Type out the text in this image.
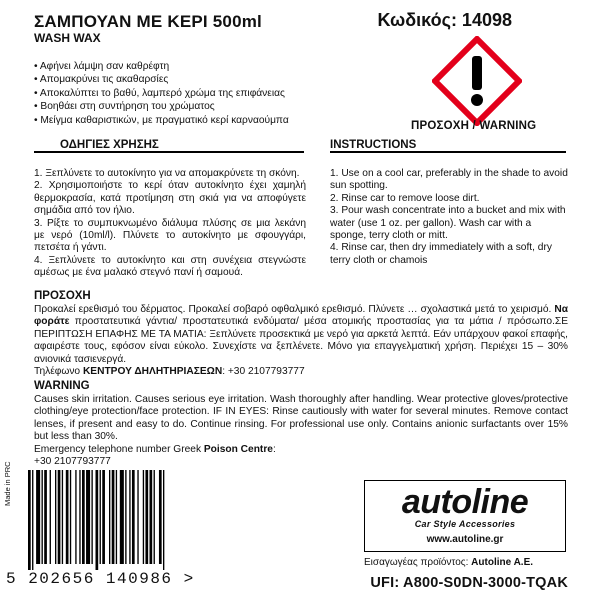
ΣΑΜΠΟΥΑΝ ΜΕ ΚΕΡΙ 500ml
WASH WAX
Κωδικός: 14098
ΠΡΟΣΟΧΗ / WARNING
• Αφήνει λάμψη σαν καθρέφτη
• Απομακρύνει τις ακαθαρσίες
• Αποκαλύπτει το βαθύ, λαμπερό χρώμα της επιφάνειας
• Βοηθάει στη συντήρηση του χρώματος
• Μείγμα καθαριστικών, με πραγματικό κερί καρναούμπα
ΟΔΗΓΙΕΣ ΧΡΗΣΗΣ	INSTRUCTIONS
1. Ξεπλύνετε το αυτοκίνητο για να απομακρύνετε τη σκόνη.
2. Χρησιμοποιήστε το κερί όταν αυτοκίνητο έχει χαμηλή θερμοκρασία, κατά προτίμηση στη σκιά για να αποφύγετε σημάδια από τον ήλιο.
3. Ρίξτε το συμπυκνωμένο διάλυμα πλύσης σε μια λεκάνη με νερό (10ml/l). Πλύνετε το αυτοκίνητο με σφουγγάρι, πετσέτα ή γάντι.
4. Ξεπλύνετε το αυτοκίνητο και στη συνέχεια στεγνώστε αμέσως με ένα μαλακό στεγνό πανί ή σαμουά.
1. Use on a cool car, preferably in the shade to avoid sun spotting.
2. Rinse car to remove loose dirt.
3. Pour wash concentrate into a bucket and mix with water (use 1 oz. per gallon). Wash car with a sponge, terry cloth or mitt.
4. Rinse car, then dry immediately with a soft, dry terry cloth or chamois
ΠΡΟΣΟΧΗ
Προκαλεί ερεθισμό του δέρματος. Προκαλεί σοβαρό οφθαλμικό ερεθισμό. Πλύνετε … σχολαστικά μετά το χειρισμό. Να φοράτε προστατευτικά γάντια/ προστατευτικά ενδύματα/ μέσα ατομικής προστασίας για τα μάτια / πρόσωπο.ΣΕ ΠΕΡΙΠΤΩΣΗ ΕΠΑΦΗΣ ΜΕ ΤΑ ΜΑΤΙΑ: Ξεπλύνετε προσεκτικά με νερό για αρκετά λεπτά. Εάν υπάρχουν φακοί επαφής, αφαιρέστε τους, εφόσον είναι εύκολο. Συνεχίστε να ξεπλένετε. Μόνο για επαγγελματική χρήση. Περιέχει 15 – 30% ανιονικά τασιενεργά.
Τηλέφωνο ΚΕΝΤΡΟΥ ΔΗΛΗΤΗΡΙΑΣΕΩΝ: +30 2107793777
WARNING
Causes skin irritation. Causes serious eye irritation. Wash thoroughly after handling. Wear protective gloves/protective clothing/eye protection/face protection. IF IN EYES: Rinse cautiously with water for several minutes. Remove contact lenses, if present and easy to do. Continue rinsing. For professional use only. Contains anionic surfactants over 15% but less than 30%.
Emergency telephone number Greek Poison Centre:
+30 2107793777
Made in PRC
5 202656 140986 >
autoline
Car Style Accessories
www.autoline.gr
Εισαγωγέας προϊόντος: Autoline A.E.
UFI: A800-S0DN-3000-TQAK
